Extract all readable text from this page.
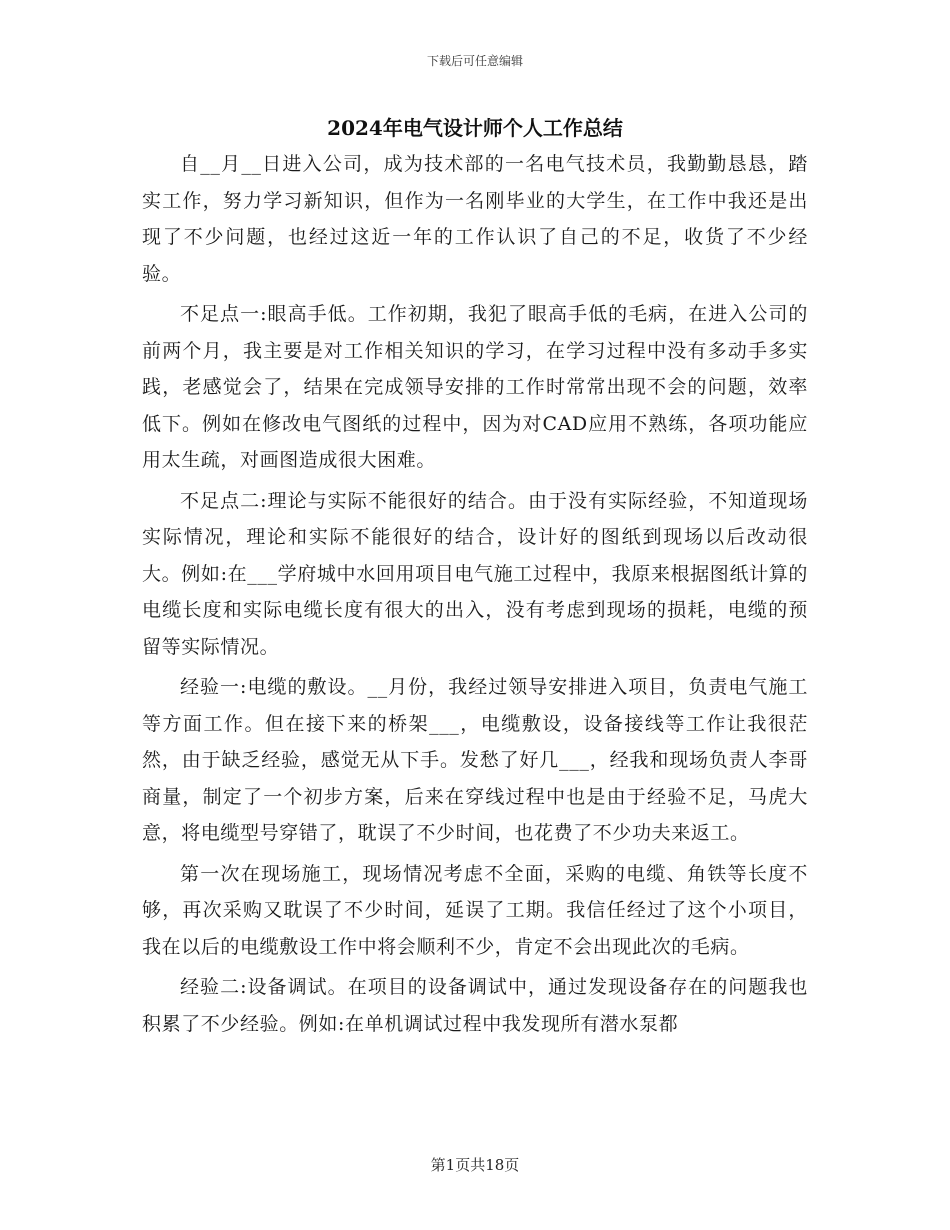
下载后可任意编辑
2024年电气设计师个人工作总结

自__月__日进入公司，成为技术部的一名电气技术员，我勤勤恳恳，踏实工作，努力学习新知识，但作为一名刚毕业的大学生，在工作中我还是出现了不少问题，也经过这近一年的工作认识了自己的不足，收货了不少经验。

不足点一:眼高手低。工作初期，我犯了眼高手低的毛病，在进入公司的前两个月，我主要是对工作相关知识的学习，在学习过程中没有多动手多实践，老感觉会了，结果在完成领导安排的工作时常常出现不会的问题，效率低下。例如在修改电气图纸的过程中，因为对CAD应用不熟练，各项功能应用太生疏，对画图造成很大困难。

不足点二:理论与实际不能很好的结合。由于没有实际经验，不知道现场实际情况，理论和实际不能很好的结合，设计好的图纸到现场以后改动很大。例如:在___学府城中水回用项目电气施工过程中，我原来根据图纸计算的电缆长度和实际电缆长度有很大的出入，没有考虑到现场的损耗，电缆的预留等实际情况。

经验一:电缆的敷设。__月份，我经过领导安排进入项目，负责电气施工等方面工作。但在接下来的桥架___，电缆敷设，设备接线等工作让我很茫然，由于缺乏经验，感觉无从下手。发愁了好几___，经我和现场负责人李哥商量，制定了一个初步方案，后来在穿线过程中也是由于经验不足，马虎大意，将电缆型号穿错了，耽误了不少时间，也花费了不少功夫来返工。

第一次在现场施工，现场情况考虑不全面，采购的电缆、角铁等长度不够，再次采购又耽误了不少时间，延误了工期。我信任经过了这个小项目，我在以后的电缆敷设工作中将会顺利不少，肯定不会出现此次的毛病。

经验二:设备调试。在项目的设备调试中，通过发现设备存在的问题我也积累了不少经验。例如:在单机调试过程中我发现所有潜水泵都

第1页共18页
